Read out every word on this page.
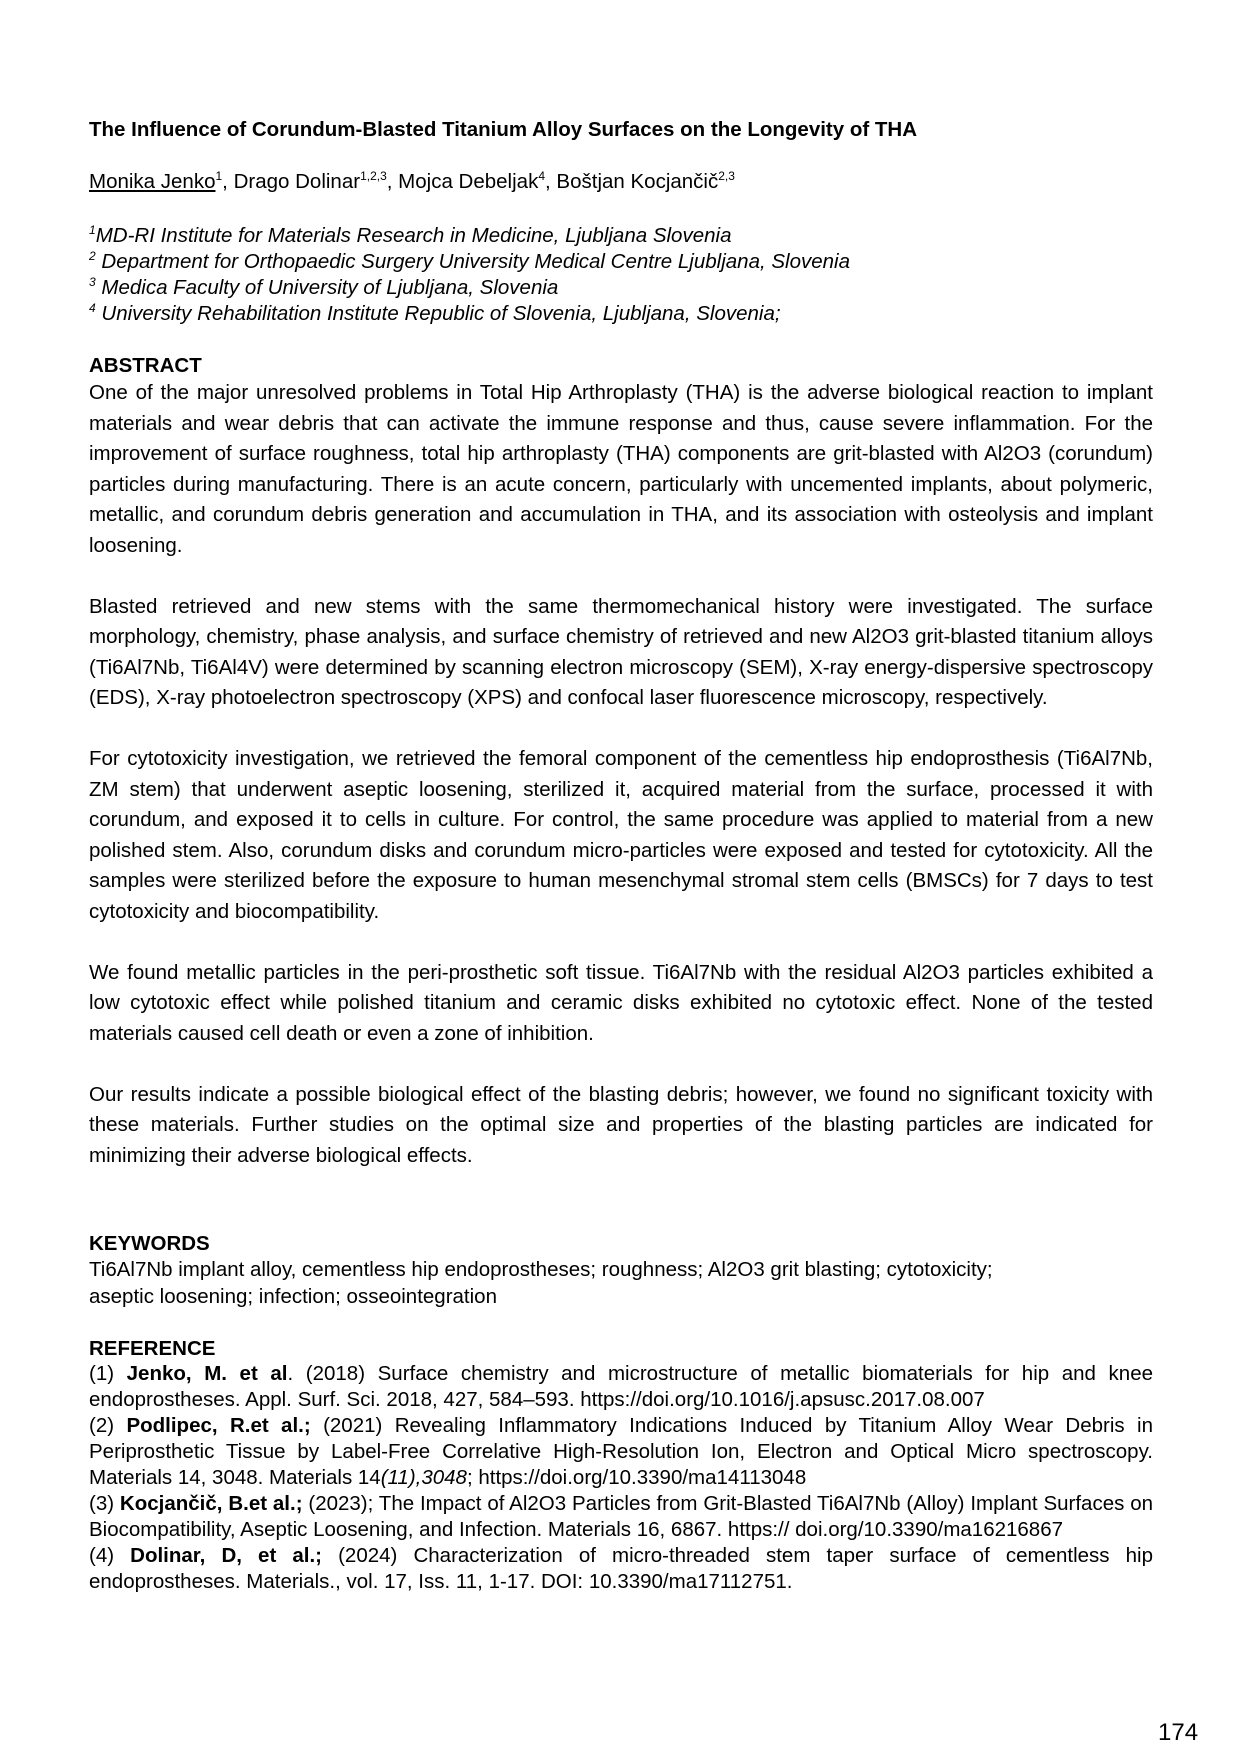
The Influence of Corundum-Blasted Titanium Alloy Surfaces on the Longevity of THA
Monika Jenko$^1$, Drago Dolinar$^{1,2,3}$, Mojca Debeljak$^4$, Boštjan Kocjančič$^{2,3}$
$^1$MD-RI Institute for Materials Research in Medicine, Ljubljana Slovenia
$^2$ Department for Orthopaedic Surgery University Medical Centre Ljubljana, Slovenia
$^3$ Medica Faculty of University of Ljubljana, Slovenia
$^4$ University Rehabilitation Institute Republic of Slovenia, Ljubljana, Slovenia;
ABSTRACT

One of the major unresolved problems in Total Hip Arthroplasty (THA) is the adverse biological reaction to implant materials and wear debris that can activate the immune response and thus, cause severe inflammation. For the improvement of surface roughness, total hip arthroplasty (THA) components are grit-blasted with Al2O3 (corundum) particles during manufacturing. There is an acute concern, particularly with uncemented implants, about polymeric, metallic, and corundum debris generation and accumulation in THA, and its association with osteolysis and implant loosening.

Blasted retrieved and new stems with the same thermomechanical history were investigated. The surface morphology, chemistry, phase analysis, and surface chemistry of retrieved and new Al2O3 grit-blasted titanium alloys (Ti6Al7Nb, Ti6Al4V) were determined by scanning electron microscopy (SEM), X-ray energy-dispersive spectroscopy (EDS), X-ray photoelectron spectroscopy (XPS) and confocal laser fluorescence microscopy, respectively.

For cytotoxicity investigation, we retrieved the femoral component of the cementless hip endoprosthesis (Ti6Al7Nb, ZM stem) that underwent aseptic loosening, sterilized it, acquired material from the surface, processed it with corundum, and exposed it to cells in culture. For control, the same procedure was applied to material from a new polished stem. Also, corundum disks and corundum micro-particles were exposed and tested for cytotoxicity. All the samples were sterilized before the exposure to human mesenchymal stromal stem cells (BMSCs) for 7 days to test cytotoxicity and biocompatibility.

We found metallic particles in the peri-prosthetic soft tissue. Ti6Al7Nb with the residual Al2O3 particles exhibited a low cytotoxic effect while polished titanium and ceramic disks exhibited no cytotoxic effect. None of the tested materials caused cell death or even a zone of inhibition.

Our results indicate a possible biological effect of the blasting debris; however, we found no significant toxicity with these materials. Further studies on the optimal size and properties of the blasting particles are indicated for minimizing their adverse biological effects.

KEYWORDS

Ti6Al7Nb implant alloy, cementless hip endoprostheses; roughness; Al2O3 grit blasting; cytotoxicity;

aseptic loosening; infection; osseointegration

REFERENCE

(1) Jenko, M. et al. (2018) Surface chemistry and microstructure of metallic biomaterials for hip and knee endoprostheses. Appl. Surf. Sci. 2018, 427, 584–593. https://doi.org/10.1016/j.apsusc.2017.08.007

(2) Podlipec, R.et al.; (2021) Revealing Inflammatory Indications Induced by Titanium Alloy Wear Debris in Periprosthetic Tissue by Label-Free Correlative High-Resolution Ion, Electron and Optical Micro spectroscopy. Materials 14, 3048. Materials 14(11),3048; https://doi.org/10.3390/ma14113048

(3) Kocjančič, B.et al.; (2023); The Impact of Al2O3 Particles from Grit-Blasted Ti6Al7Nb (Alloy) Implant Surfaces on Biocompatibility, Aseptic Loosening, and Infection. Materials 16, 6867. https:// doi.org/10.3390/ma16216867

(4) Dolinar, D, et al.; (2024) Characterization of micro-threaded stem taper surface of cementless hip endoprostheses. Materials., vol. 17, Iss. 11, 1-17. DOI: 10.3390/ma17112751.

174
